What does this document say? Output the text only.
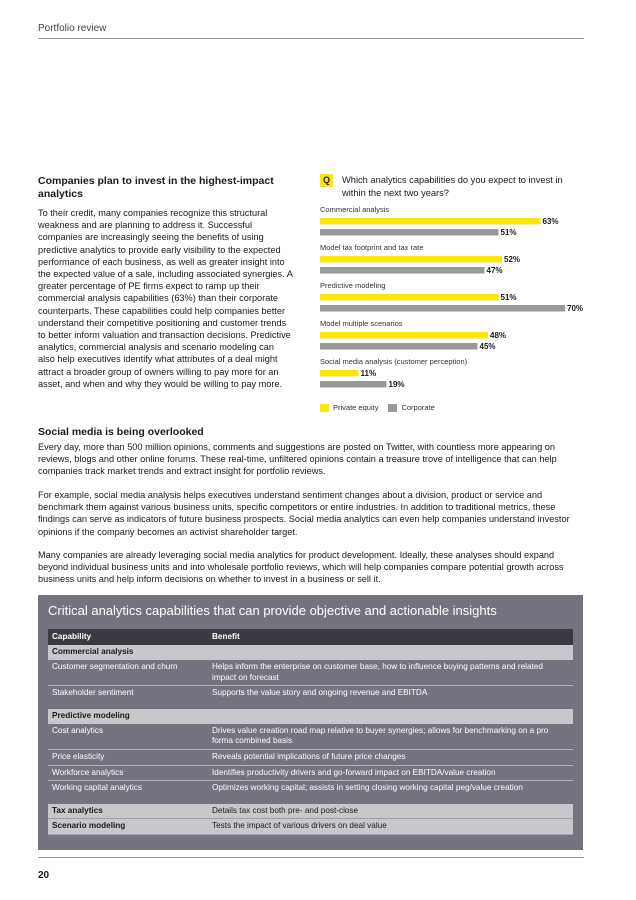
Portfolio review
Companies plan to invest in the highest-impact analytics
To their credit, many companies recognize this structural weakness and are planning to address it. Successful companies are increasingly seeing the benefits of using predictive analytics to provide early visibility to the expected performance of each business, as well as greater insight into the expected value of a sale, including associated synergies. A greater percentage of PE firms expect to ramp up their commercial analysis capabilities (63%) than their corporate counterparts. These capabilities could help companies better understand their competitive positioning and customer trends to better inform valuation and transaction decisions. Predictive analytics, commercial analysis and scenario modeling can also help executives identify what attributes of a deal might attract a broader group of owners willing to pay more for an asset, and when and why they would be willing to pay more.
Q	Which analytics capabilities do you expect to invest in within the next two years?
Commercial analysis
63%
51%
Model tax footprint and tax rate
52%
47%
Predictive modeling
51%
70%
Model multiple scenarios
48%
45%
Social media analysis (customer perception)
11%
19%
Private equity	Corporate
Social media is being overlooked
Every day, more than 500 million opinions, comments and suggestions are posted on Twitter, with countless more appearing on reviews, blogs and other online forums. These real-time, unfiltered opinions contain a treasure trove of intelligence that can help companies track market trends and extract insight for portfolio reviews.
For example, social media analysis helps executives understand sentiment changes about a division, product or service and benchmark them against various business units, specific competitors or entire industries. In addition to traditional metrics, these findings can serve as indicators of future business prospects. Social media analytics can even help companies understand investor opinions if the company becomes an activist shareholder target.
Many companies are already leveraging social media analytics for product development. Ideally, these analyses should expand beyond individual business units and into wholesale portfolio reviews, which will help companies compare potential growth across business units and help inform decisions on whether to invest in a business or sell it.
Critical analytics capabilities that can provide objective and actionable insights
Capability	Benefit
Commercial analysis
Customer segmentation and churn	Helps inform the enterprise on customer base, how to influence buying patterns and related impact on forecast
Stakeholder sentiment	Supports the value story and ongoing revenue and EBITDA
Predictive modeling
Cost analytics	Drives value creation road map relative to buyer synergies; allows for benchmarking on a pro forma combined basis
Price elasticity	Reveals potential implications of future price changes
Workforce analytics	Identifies productivity drivers and go-forward impact on EBITDA/value creation
Working capital analytics	Optimizes working capital; assists in setting closing working capital peg/value creation
Tax analytics	Details tax cost both pre- and post-close
Scenario modeling	Tests the impact of various drivers on deal value
20
